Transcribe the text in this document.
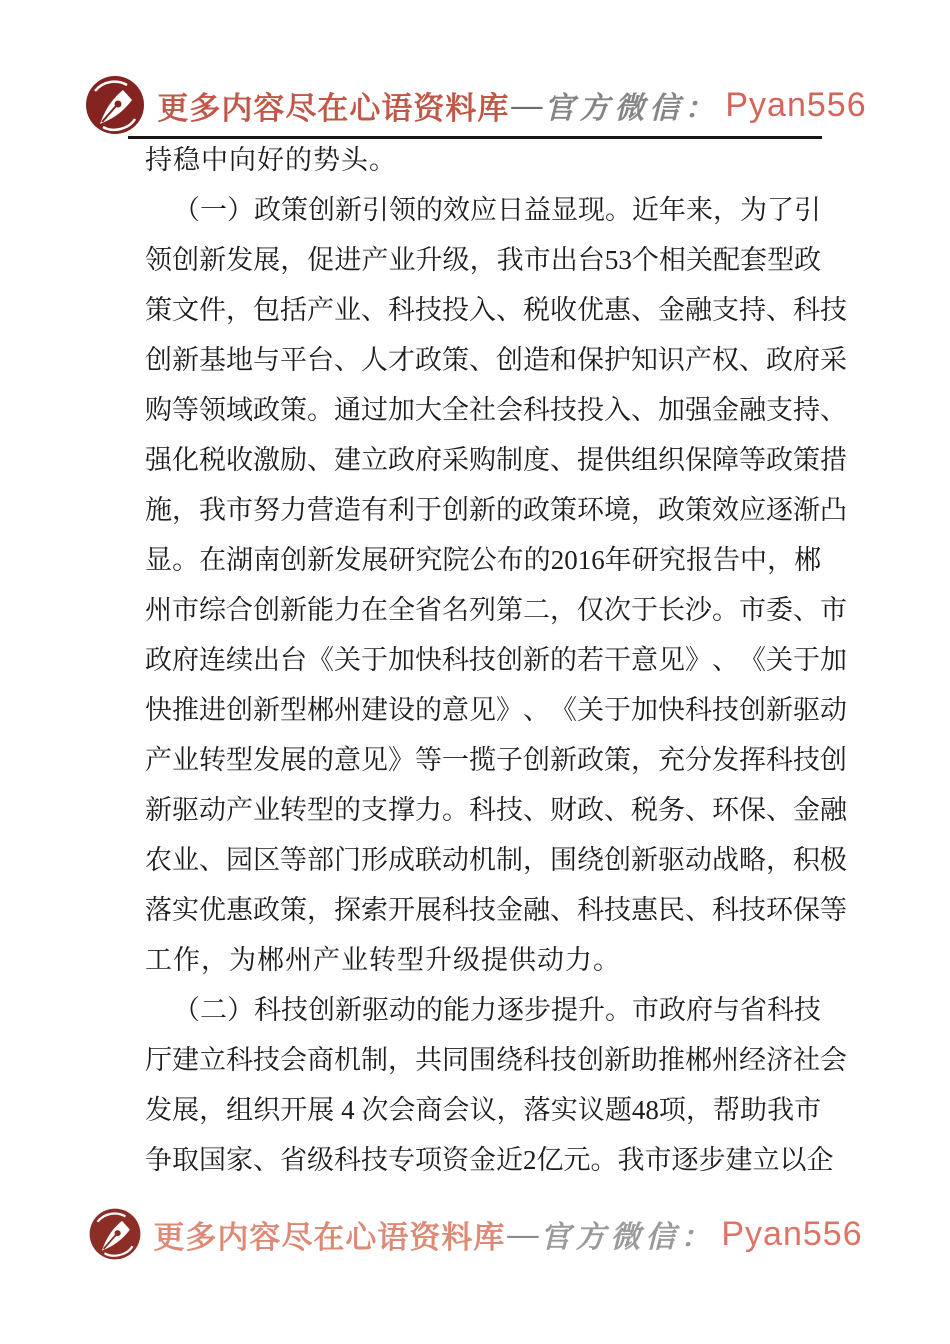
更多内容尽在心语资料库 — 官方微信： Pyan556
持稳中向好的势头。
（ 一 ） 政 策 创 新 引 领 的 效 应 日 益 显 现 。 近 年 来 ， 为 了 引
领 创 新 发 展 ， 促 进 产 业 升 级 ， 我 市 出 台 53 个 相 关 配 套 型 政
策 文 件 ， 包 括 产 业 、 科 技 投 入 、 税 收 优 惠 、 金 融 支 持 、 科 技
创 新 基 地 与 平 台 、 人 才 政 策 、 创 造 和 保 护 知 识 产 权 、 政 府 采
购 等 领 域 政 策 。 通 过 加 大 全 社 会 科 技 投 入 、 加 强 金 融 支 持 、
强 化 税 收 激 励 、 建 立 政 府 采 购 制 度 、 提 供 组 织 保 障 等 政 策 措
施 ， 我 市 努 力 营 造 有 利 于 创 新 的 政 策 环 境 ， 政 策 效 应 逐 渐 凸
显 。 在 湖 南 创 新 发 展 研 究 院 公 布 的 2016 年 研 究 报 告 中 ， 郴
州 市 综 合 创 新 能 力 在 全 省 名 列 第 二 ， 仅 次 于 长 沙 。 市 委 、 市
政 府 连 续 出 台 《 关 于 加 快 科 技 创 新 的 若 干 意 见 》 、 《 关 于 加
快 推 进 创 新 型 郴 州 建 设 的 意 见 》 、 《 关 于 加 快 科 技 创 新 驱 动
产 业 转 型 发 展 的 意 见 》 等 一 揽 子 创 新 政 策 ， 充 分 发 挥 科 技 创
新 驱 动 产 业 转 型 的 支 撑 力 。 科 技 、 财 政 、 税 务 、 环 保 、 金 融
农 业 、 园 区 等 部 门 形 成 联 动 机 制 ， 围 绕 创 新 驱 动 战 略 ， 积 极
落 实 优 惠 政 策 ， 探 索 开 展 科 技 金 融 、 科 技 惠 民 、 科 技 环 保 等
工作，为郴州产业转型升级提供动力。
（ 二 ） 科 技 创 新 驱 动 的 能 力 逐 步 提 升 。 市 政 府 与 省 科 技
厅 建 立 科 技 会 商 机 制 ， 共 同 围 绕 科 技 创 新 助 推 郴 州 经 济 社 会
发 展 ， 组 织 开 展 4 次 会 商 会 议 ， 落 实 议 题 48 项 ， 帮 助 我 市
争 取 国 家 、 省 级 科 技 专 项 资 金 近 2 亿 元 。 我 市 逐 步 建 立 以 企
更多内容尽在心语资料库 — 官方微信： Pyan556
